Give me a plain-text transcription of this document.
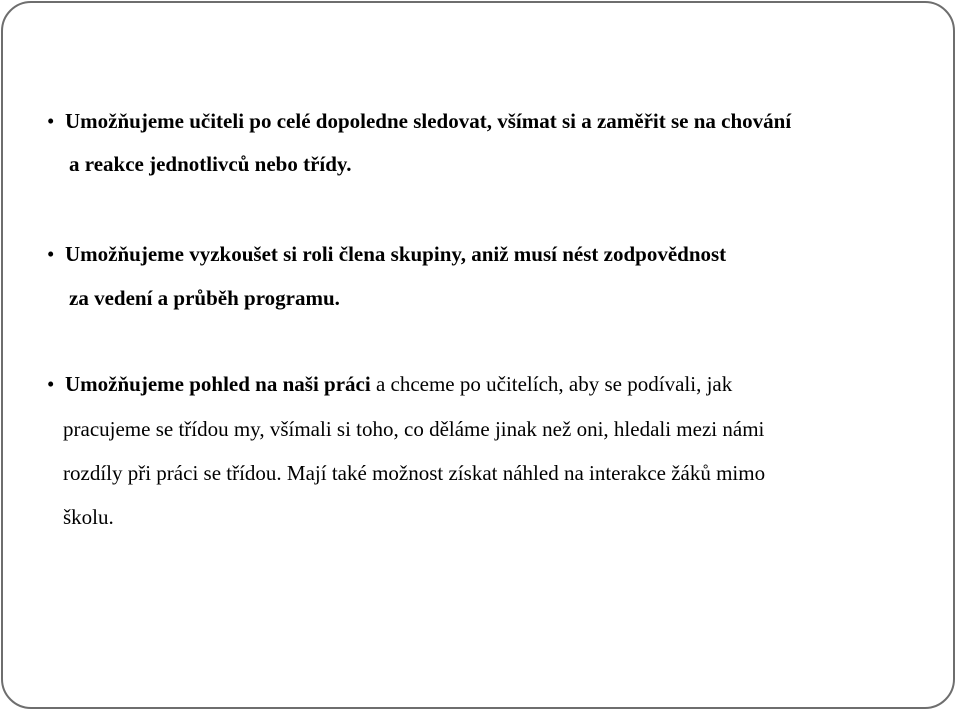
• Umožňujeme učiteli po celé dopoledne sledovat, všímat si a zaměřit se na chování
a reakce jednotlivců nebo třídy.
• Umožňujeme vyzkoušet si roli člena skupiny, aniž musí nést zodpovědnost
za vedení a průběh programu.
• Umožňujeme pohled na naši práci a chceme po učitelích, aby se podívali, jak
pracujeme se třídou my, všímali si toho, co děláme jinak než oni, hledali mezi námi
rozdíly při práci se třídou. Mají také možnost získat náhled na interakce žáků mimo
školu.
